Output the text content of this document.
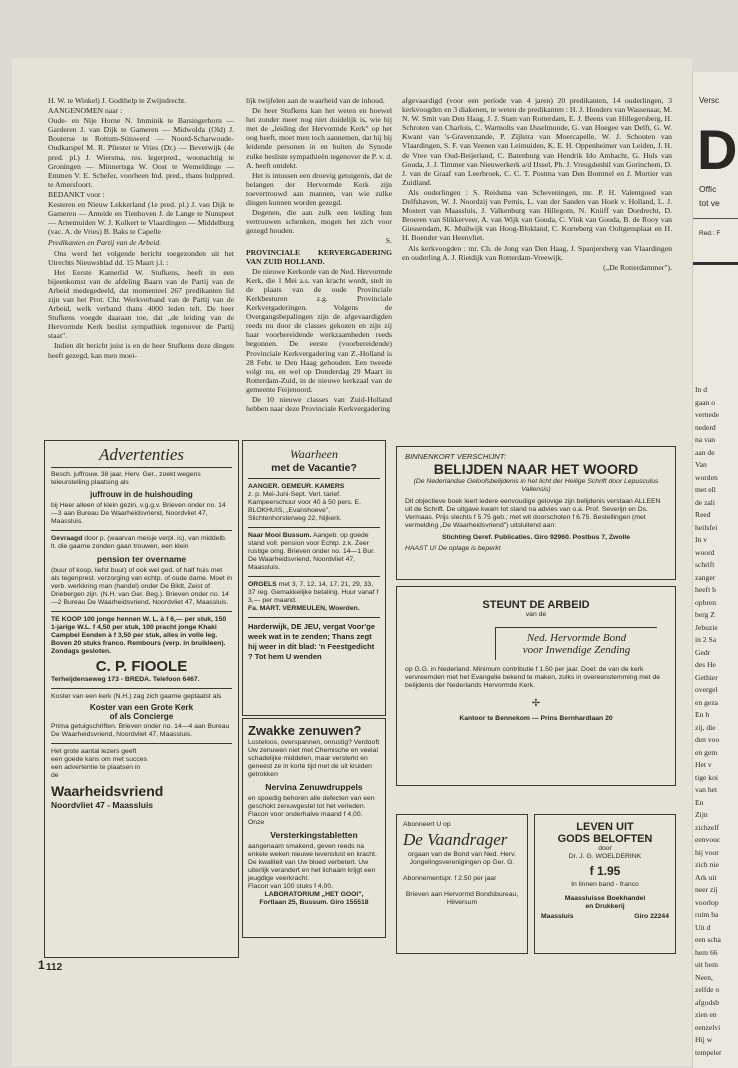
Versc
D
Offic
tot ve
Red.: F
In d
gaan o
vernede
nederd
na van
aan de
Van
worden
met ell
de zali
Reed
heilsfei
In v
woord
schrift
zanger
heeft h
opbren
berg Z
Jebuzie
in 2 Sa
Gedr
des He
Gethier
overgel
en geza
En h
zij, die
den voo
en gem
Het v
tige koi
van het
En
Zijn
zichzelf
eenvouc
hij voor
zich nie
Ark uit
neer zij
voorlop
ruim ba
Uit d
een scha
hem 66
uit hem
Neen,
zelfde o
afgodsb
zien en
eenzelvi
Hij w
tempeler
1

H. W. te Winkel) J. Godthelp te Zwijndrecht.

AANGENOMEN naar :

Oude- en Nije Horne N. Imminik te Barsingerhorn — Garderen J. van Dijk te Gameren — Midwolda (Old) J. Bouterse te Rottum-Stitswerd — Noord-Scharwoude-Oudkarspel M. R. Pliester te Vries (Dr.) — Beverwijk (4e pred. pl.) J. Wiersma, res. legerpred., woonachtig te Groningen — Minnertsga W. Oost te Wemeldinge — Emmen V. E. Schefer, voorheen Ind. pred., thans hulppred. te Amersfoort.

BEDANKT voor :

Kesteren en Nieuw Lekkerland (1e pred. pl.) J. van Dijk te Gameren — Ameide en Tienhoven J. de Lange te Nunspeet — Arnemuiden W. J. Kolkert te Vlaardingen — Middelburg (vac. A. de Vries) B. Baks te Capelle

Predikanten en Partij van de Arbeid.

Ons werd het volgende bericht toegezonden uit het Utrechts Nieuwsblad dd. 15 Maart j.l. :

Het Eerste Kamerlid W. Stufkens, heeft in een bijeenkomst van de afdeling Baarn van de Partij van de Arbeid medegedeeld, dat momenteel 267 predikanten lid zijn van het Prot. Chr. Werkverband van de Partij van de Arbeid, welk verband thans 4000 leden telt. De heer Stufkens voegde daaraan toe, dat „de leiding van de Hervormde Kerk beslist sympathiek tegenover de Partij staat".

Indien dit bericht juist is en de heer Stufkens deze dingen heeft gezegd, kan men moei-

lijk twijfelen aan de waarheid van de inhoud.

De heer Stufkens kan het weten en hoewel het zonder meer nog niet duidelijk is, wie hij met de „leiding der Hervormde Kerk" op het oog heeft, moet men toch aannemen, dat hij bij leidende personen in en buiten de Synode zulke besliste sympathieën tegenover de P. v. d. A. heeft ontdekt.

Het is intussen een droevig getuigenis, dat de belangen der Hervormde Kerk zijn toevertrouwd aan mannen, van wie zulke dingen kunnen worden gezegd.

Degenen, die aan zulk een leiding hun vertrouwen schenken, mogen het zich voor gezegd houden.

S.

PROVINCIALE KERVERGADERING VAN ZUID HOLLAND.

De nieuwe Kerkorde van de Ned. Hervormde Kerk, die 1 Mei a.s. van kracht wordt, stelt in de plaats van de oude Provinciale Kerkbesturen z.g. Provinciale Kerkvergaderingen. Volgens de Overgangsbepalingen zijn de afgevaardigden reeds nu door de classes gekozen en zijn zij haar voorbereidende werkzaamheden reeds begonnen. De eerste (voorbereidende) Provinciale Kerkvergadering van Z.-Holland is 28 Febr. te Den Haag gehouden. Een tweede volgt nu, en wel op Donderdag 29 Maart in Rotterdam-Zuid, in de nieuwe kerkzaal van de gemeente Feijenoord.

De 10 nieuwe classes van Zuid-Holland hebben naar deze Provinciale Kerkvergadering

afgevaardigd (voor een periode van 4 jaren) 20 predikanten, 14 ouderlingen, 3 kerkvoogden en 3 diakenen, te weten de predikanten : H. J. Honders van Wassenaar, M. N. W. Smit van Den Haag, J. J. Stam van Rotterdam, E. J. Beens van Hillegersberg, H. Schroten van Charlois, C. Warmolts van IJsselmonde, G. van Hoegee van Delft, G. W. Kwant van 's-Gravenzande, P. Zijlstra van Moercapelle, W. J. Schouten van Vlaardingen, S. F. van Veenen van Leimuiden, K. E. H. Oppenheimer van Leiden, J. H. de Vree van Oud-Beijerland, C. Batenburg van Hendrik Ido Ambacht, G. Huls van Gouda, J. J. Timmer van Nieuwerkerk a/d IJssel, Ph. J. Vreugdenhil van Gorinchem, D. J. van de Graaf van Leerbroek, C. C. T. Postma van Den Bommel en J. Mortier van Zuidland.

Als ouderlingen : S. Reidsma van Scheveningen, mr. P. H. Valentgoed van Delfshaven, W. J. Noordzij van Pernis, L. van der Sanden van Hoek v. Holland, L. J. Mostert van Maassluis, J. Valkenburg van Hillegom, N. Kniiff van Dordrecht, D. Broeren van Slikkerveer, A. van Wijk van Gouda, C. Vink van Gouda, B. de Rooy van Giessendam, K. Muilwijk van Hoog-Blokland, C. Korteberg van Ooltgensplaat en H. H. Boender van Heenvliet.

Als kerkvoogden : mr. Ch. de Jong van Den Haag, J. Spanjersberg van Vlaardingen en ouderling A. J. Rietdijk van Rotterdam-Vreewijk.

(„De Rotterdammer").

Advertenties
Besch. juffrouw, 38 jaar, Herv. Ger., zoekt wegens teleurstelling plaatsing als
juffrouw in de huishouding
bij Heer alleen of klein gezin, v.g.g.v. Brieven onder no. 14—3 aan Bureau De Waarheidsvriend, Noordvliet 47, Maassluis.
Gevraagd door p. (waarvan meisje verpl. is), van middelb. lt. die gaarne zonden gaan trouwen, een klein
pension ter overname
(buur of koop, liefst buur) of ook wel ged. of half huis met als tegenprest. verzorging van echtp. of oude dame. Moet in verb. werkkring man (handel) onder De Bildt, Zeist of Driebergen zijn. (N.H. van Ger. Beg.). Brieven onder no. 14—2 Bureau De Waarheidsvriend, Noordvliet 47, Maassluis.
TE KOOP 100 jonge hennen W. L. à f 6,— per stuk, 150 1-jarige W.L. f 4,50 per stuk, 100 pracht jonge Khaki Campbel Eenden à f 3,50 per stuk, alles in volle leg. Boven 20 stuks franco. Rembours (verp. in bruikleen). Zondags gesloten.
C. P. FIOOLE
Terheijdenseweg 173 - BREDA. Telefoon 6467.
Koster van een kerk (N.H.) zag zich gaarne geplaatst als
Koster van een Grote Kerk
of als Concierge
Prima getuigschriften. Brieven onder no. 14—4 aan Bureau De Waarheidsvriend, Noordvliet 47, Maassluis.
Het grote aantal lezers geeft een goede kans om met succes een advertentie te plaatsen in de
Waarheidsvriend
Noordvliet 47 - Maassluis
112
Waarheen
met de Vacantie?
AANGER. GEMEUR. KAMERS
z. p. Mei-Juni-Sept. Verl. tarief. Kampeerschuur voor 40 à 50 pers. E. BLOKHUIS, „Evanshoeve", Slichtenhorsterweg 22, Nijkerk.
Naar Mooi Bussum. Aangeb. op goede stand voll. pension voor Echtp. z.k. Zeer rustige omg. Brieven onder no. 14—1 Bur. De Waarheidsvriend, Noordvliet 47, Maassluis.
ORGELS met 3, 7, 12, 14, 17, 21, 29, 33, 37 reg. Gemakkelijke betaling. Huur vanaf f 3,— per maand.
Fa. MART. VERMEULEN, Woerden.
Harderwijk, DE JEU, vergat Voor'ge week wat in te zenden; Thans zegt hij weer in dit blad: 'n Feestgedicht ? Tot hem U wenden
Zwakke zenuwen?
Lusteloos, overspannen, onrustig? Verdooft Uw zenuwen niet met Chemische en veelal schadelijke middelen, maar versterkt en geneest ze in korte tijd met de uit kruiden getrokken
Nervina Zenuwdruppels
en spoedig behoren alle defecten van een geschokt zenuwgestel tot het verleden.
Flacon voor onderhalve maand f 4,00.
Onze
Versterkingstabletten
aangenaam smakend, geven reeds na enkele weken nieuwe levenslust en kracht. De kwaliteit van Uw bloed verbetert. Uw uiterlijk verandert en het lichaam krijgt een jeugdige veerkracht.
Flacon van 100 stuks f 4,00.
LABORATORIUM „HET GOOI",
Fortlaan 25, Bussum. Giro 155518
BINNENKORT VERSCHIJNT:
BELIJDEN NAAR HET WOORD
(De Nederlandse Geloofsbelijdenis in het licht der Heilige Schrift door Lepusculus Vallensis)
Dit objectieve boek leert iedere eenvoudige gelovige zijn belijdenis verstaan ALLEEN uit de Schrift. De uitgave kwam tot stand na advies van o.a. Prof. Severijn en Ds. Vermaas. Prijs slechts f 5.75 geb.; met wit doorschoten f 6.75. Bestellingen (met vermelding „De Waarheidsvriend") uitsluitend aan:
Stichting Geref. Publicaties. Giro 92960. Postbus 7, Zwolle
HAAST U! De oplage is beperkt
STEUNT DE ARBEID
van de
Ned. Hervormde Bond
voor Inwendige Zending
op G.G. in Nederland. Minimum contributie f 1.50 per jaar. Doel: de van de kerk vervreemden met het Evangelie bekend te maken, zulks in overeenstemming met de belijdenis der Nederlands Hervormde Kerk.
✢
Kantoor te Bennekom — Prins Bernhardlaan 20
Abonneert U op
De Vaandrager
orgaan van de Bond van Ned. Herv. Jongelingsverenigingen op Ger. G.
Abonnementspr. f 2.50 per jaar
Brieven aan Hervormd Bondsbureau, Hilversum
LEVEN UIT
GODS BELOFTEN
door
Dr. J. G. WOELDERINK
f 1.95
In linnen band - franco
Maassluisse Boekhandel
en Drukkerij
Maassluis	Giro 22244
